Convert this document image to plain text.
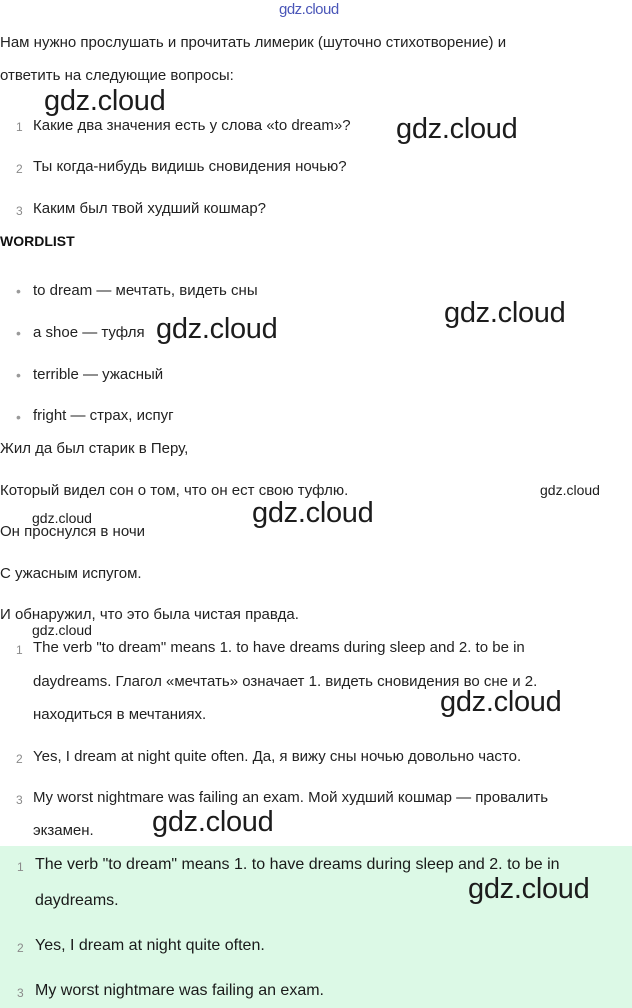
gdz.cloud
Нам нужно прослушать и прочитать лимерик (шуточно стихотворение) и
ответить на следующие вопросы:
1 Какие два значения есть у слова «to dream»?
2 Ты когда-нибудь видишь сновидения ночью?
3 Каким был твой худший кошмар?
WORDLIST
• to dream — мечтать, видеть сны
• a shoe — туфля
• terrible — ужасный
• fright — страх, испуг
Жил да был старик в Перу,
Который видел сон о том, что он ест свою туфлю.
Он проснулся в ночи
С ужасным испугом.
И обнаружил, что это была чистая правда.
1 The verb "to dream" means 1. to have dreams during sleep and 2. to be in
daydreams. Глагол «мечтать» означает 1. видеть сновидения во сне и 2.
находиться в мечтаниях.
2 Yes, I dream at night quite often. Да, я вижу сны ночью довольно часто.
3 My worst nightmare was failing an exam. Мой худший кошмар — провалить
экзамен.
1 The verb "to dream" means 1. to have dreams during sleep and 2. to be in
daydreams.
2 Yes, I dream at night quite often.
3 My worst nightmare was failing an exam.
gdz.cloud
gdz.cloud
gdz.cloud
gdz.cloud
gdz.cloud
gdz.cloud	gdz.cloud
gdz.cloud
gdz.cloud
gdz.cloud
gdz.cloud
